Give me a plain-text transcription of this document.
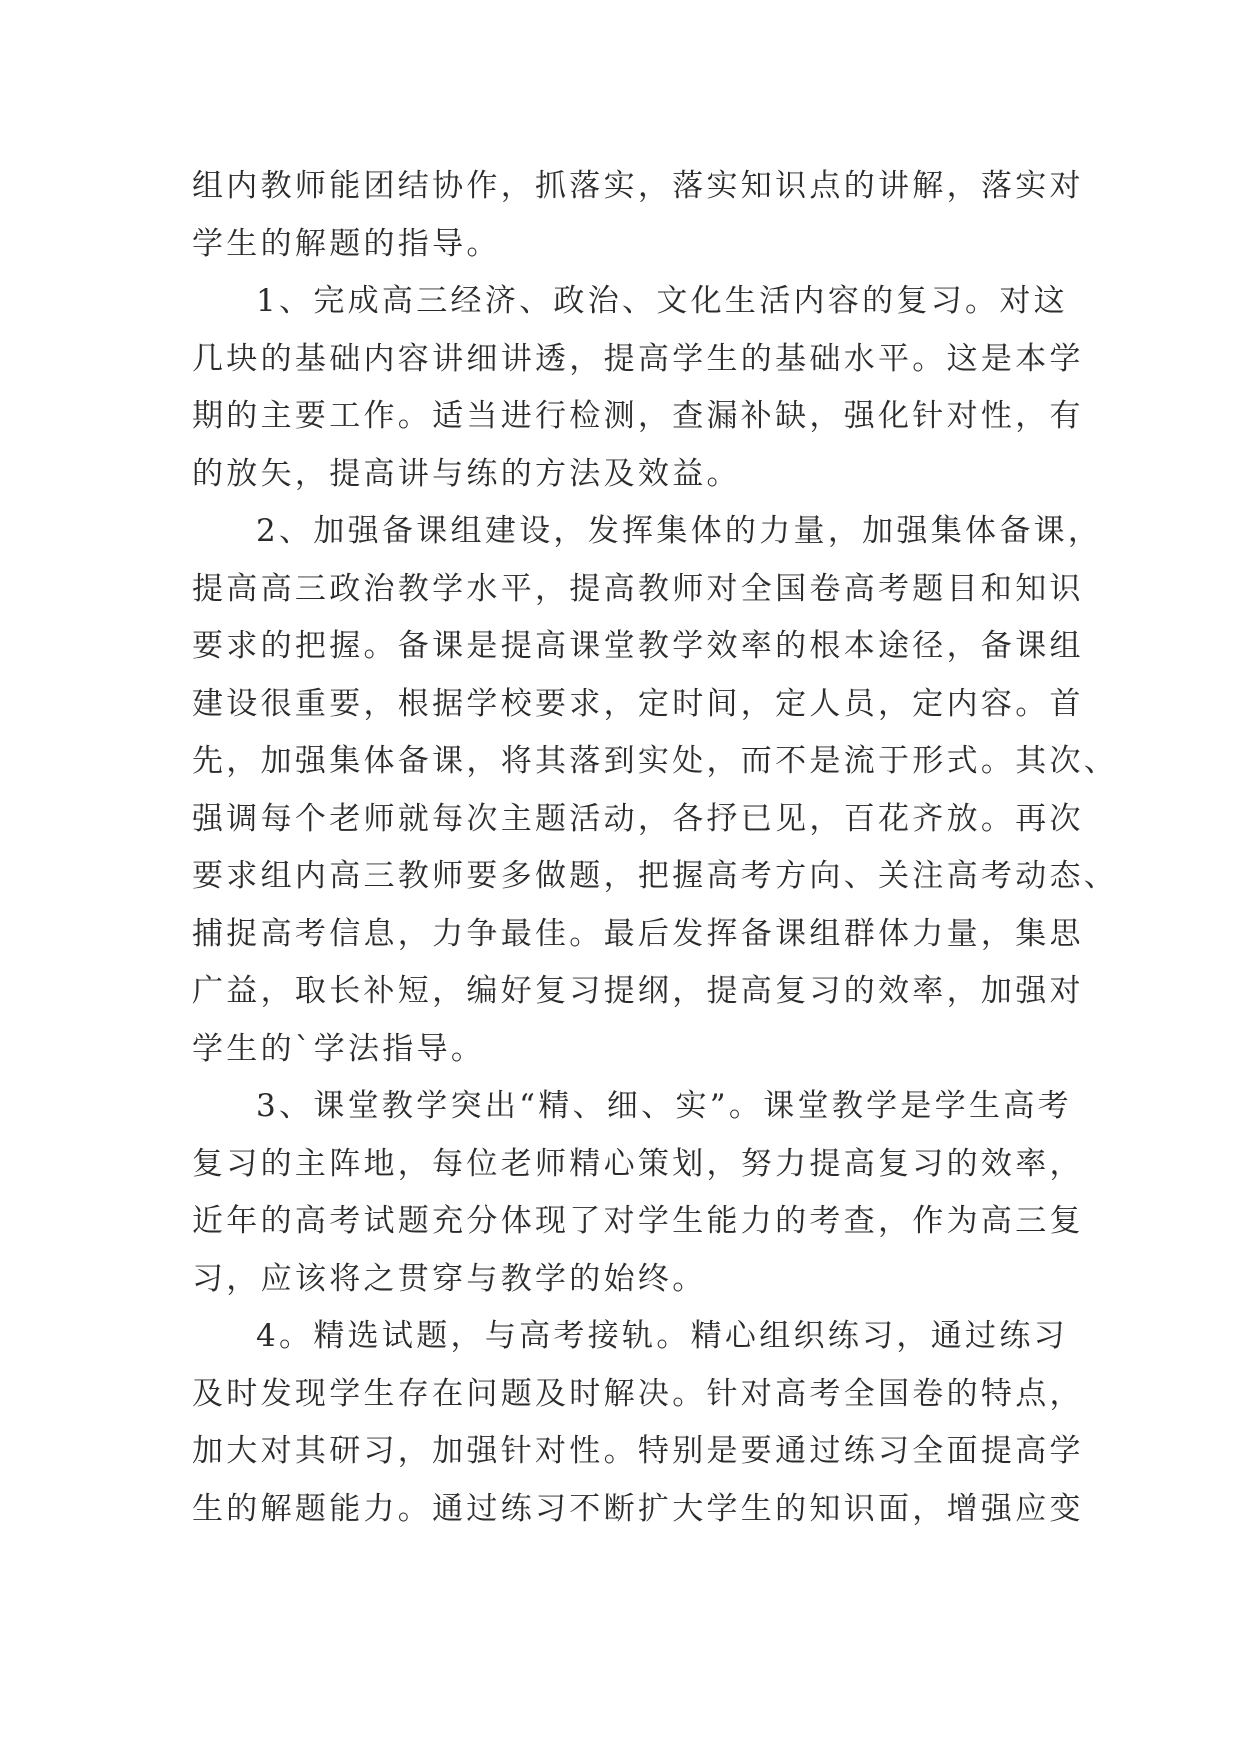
组内教师能团结协作，抓落实，落实知识点的讲解，落实对
学生的解题的指导。
1、完成高三经济、政治、文化生活内容的复习。对这
几块的基础内容讲细讲透，提高学生的基础水平。这是本学
期的主要工作。适当进行检测，查漏补缺，强化针对性，有
的放矢，提高讲与练的方法及效益。
2、加强备课组建设，发挥集体的力量，加强集体备课，
提高高三政治教学水平，提高教师对全国卷高考题目和知识
要求的把握。备课是提高课堂教学效率的根本途径，备课组
建设很重要，根据学校要求，定时间，定人员，定内容。首
先，加强集体备课，将其落到实处，而不是流于形式。其次、
强调每个老师就每次主题活动，各抒已见，百花齐放。再次
要求组内高三教师要多做题，把握高考方向、关注高考动态、
捕捉高考信息，力争最佳。最后发挥备课组群体力量，集思
广益，取长补短，编好复习提纲，提高复习的效率，加强对
学生的`学法指导。
3、课堂教学突出“精、细、实”。课堂教学是学生高考
复习的主阵地，每位老师精心策划，努力提高复习的效率，
近年的高考试题充分体现了对学生能力的考查，作为高三复
习，应该将之贯穿与教学的始终。
4。精选试题，与高考接轨。精心组织练习，通过练习
及时发现学生存在问题及时解决。针对高考全国卷的特点，
加大对其研习，加强针对性。特别是要通过练习全面提高学
生的解题能力。通过练习不断扩大学生的知识面，增强应变
